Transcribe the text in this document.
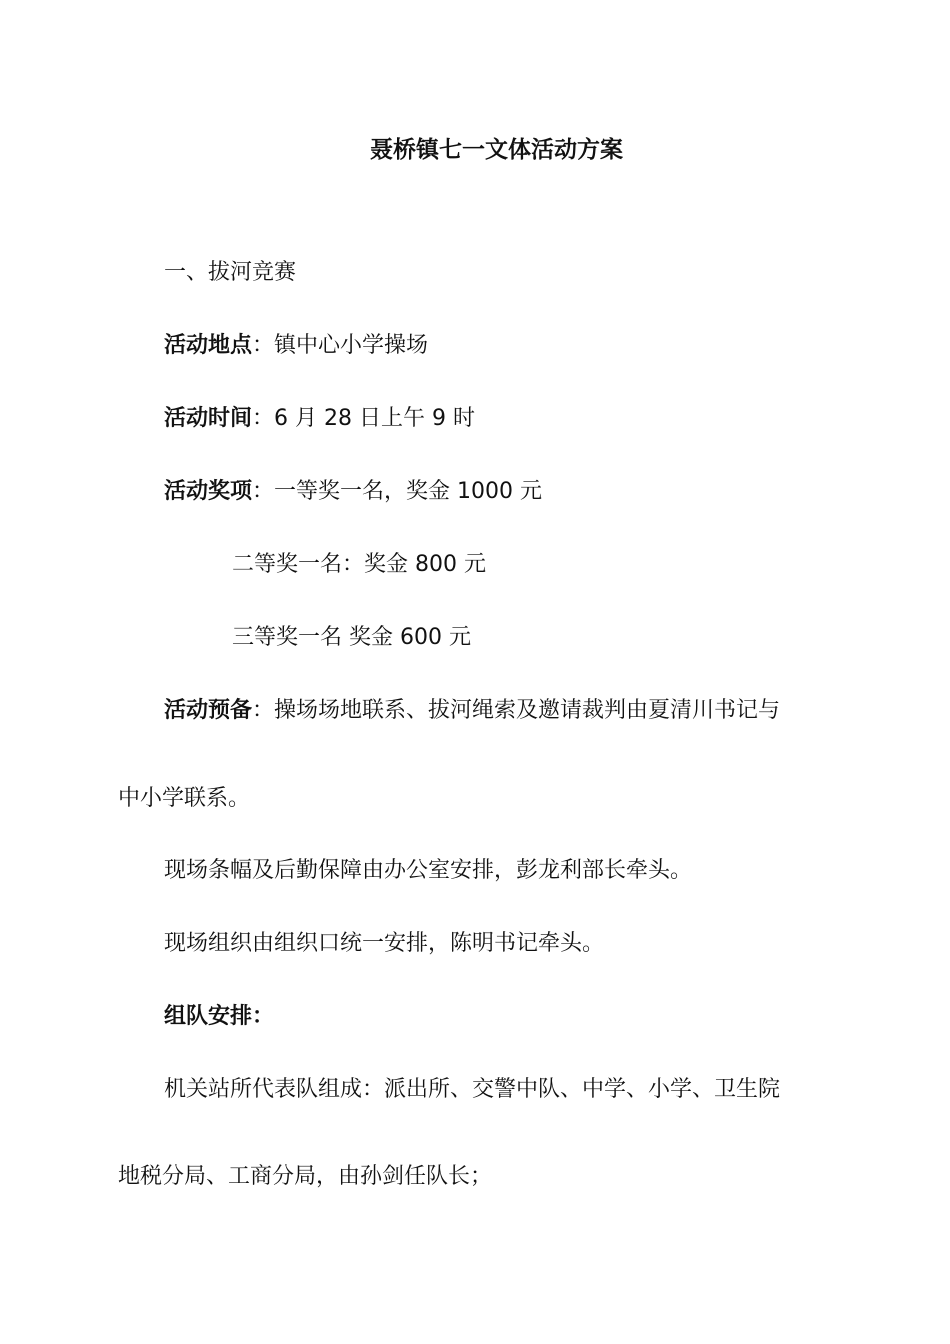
聂桥镇七一文体活动方案
一、拔河竞赛
活动地点：镇中心小学操场
活动时间：6 月 28 日上午 9 时
活动奖项：一等奖一名，奖金 1000 元
二等奖一名：奖金 800 元
三等奖一名 奖金 600 元
活动预备：操场场地联系、拔河绳索及邀请裁判由夏清川书记与
中小学联系。
现场条幅及后勤保障由办公室安排，彭龙利部长牵头。
现场组织由组织口统一安排，陈明书记牵头。
组队安排：
机关站所代表队组成：派出所、交警中队、中学、小学、卫生院
地税分局、工商分局，由孙剑任队长；
